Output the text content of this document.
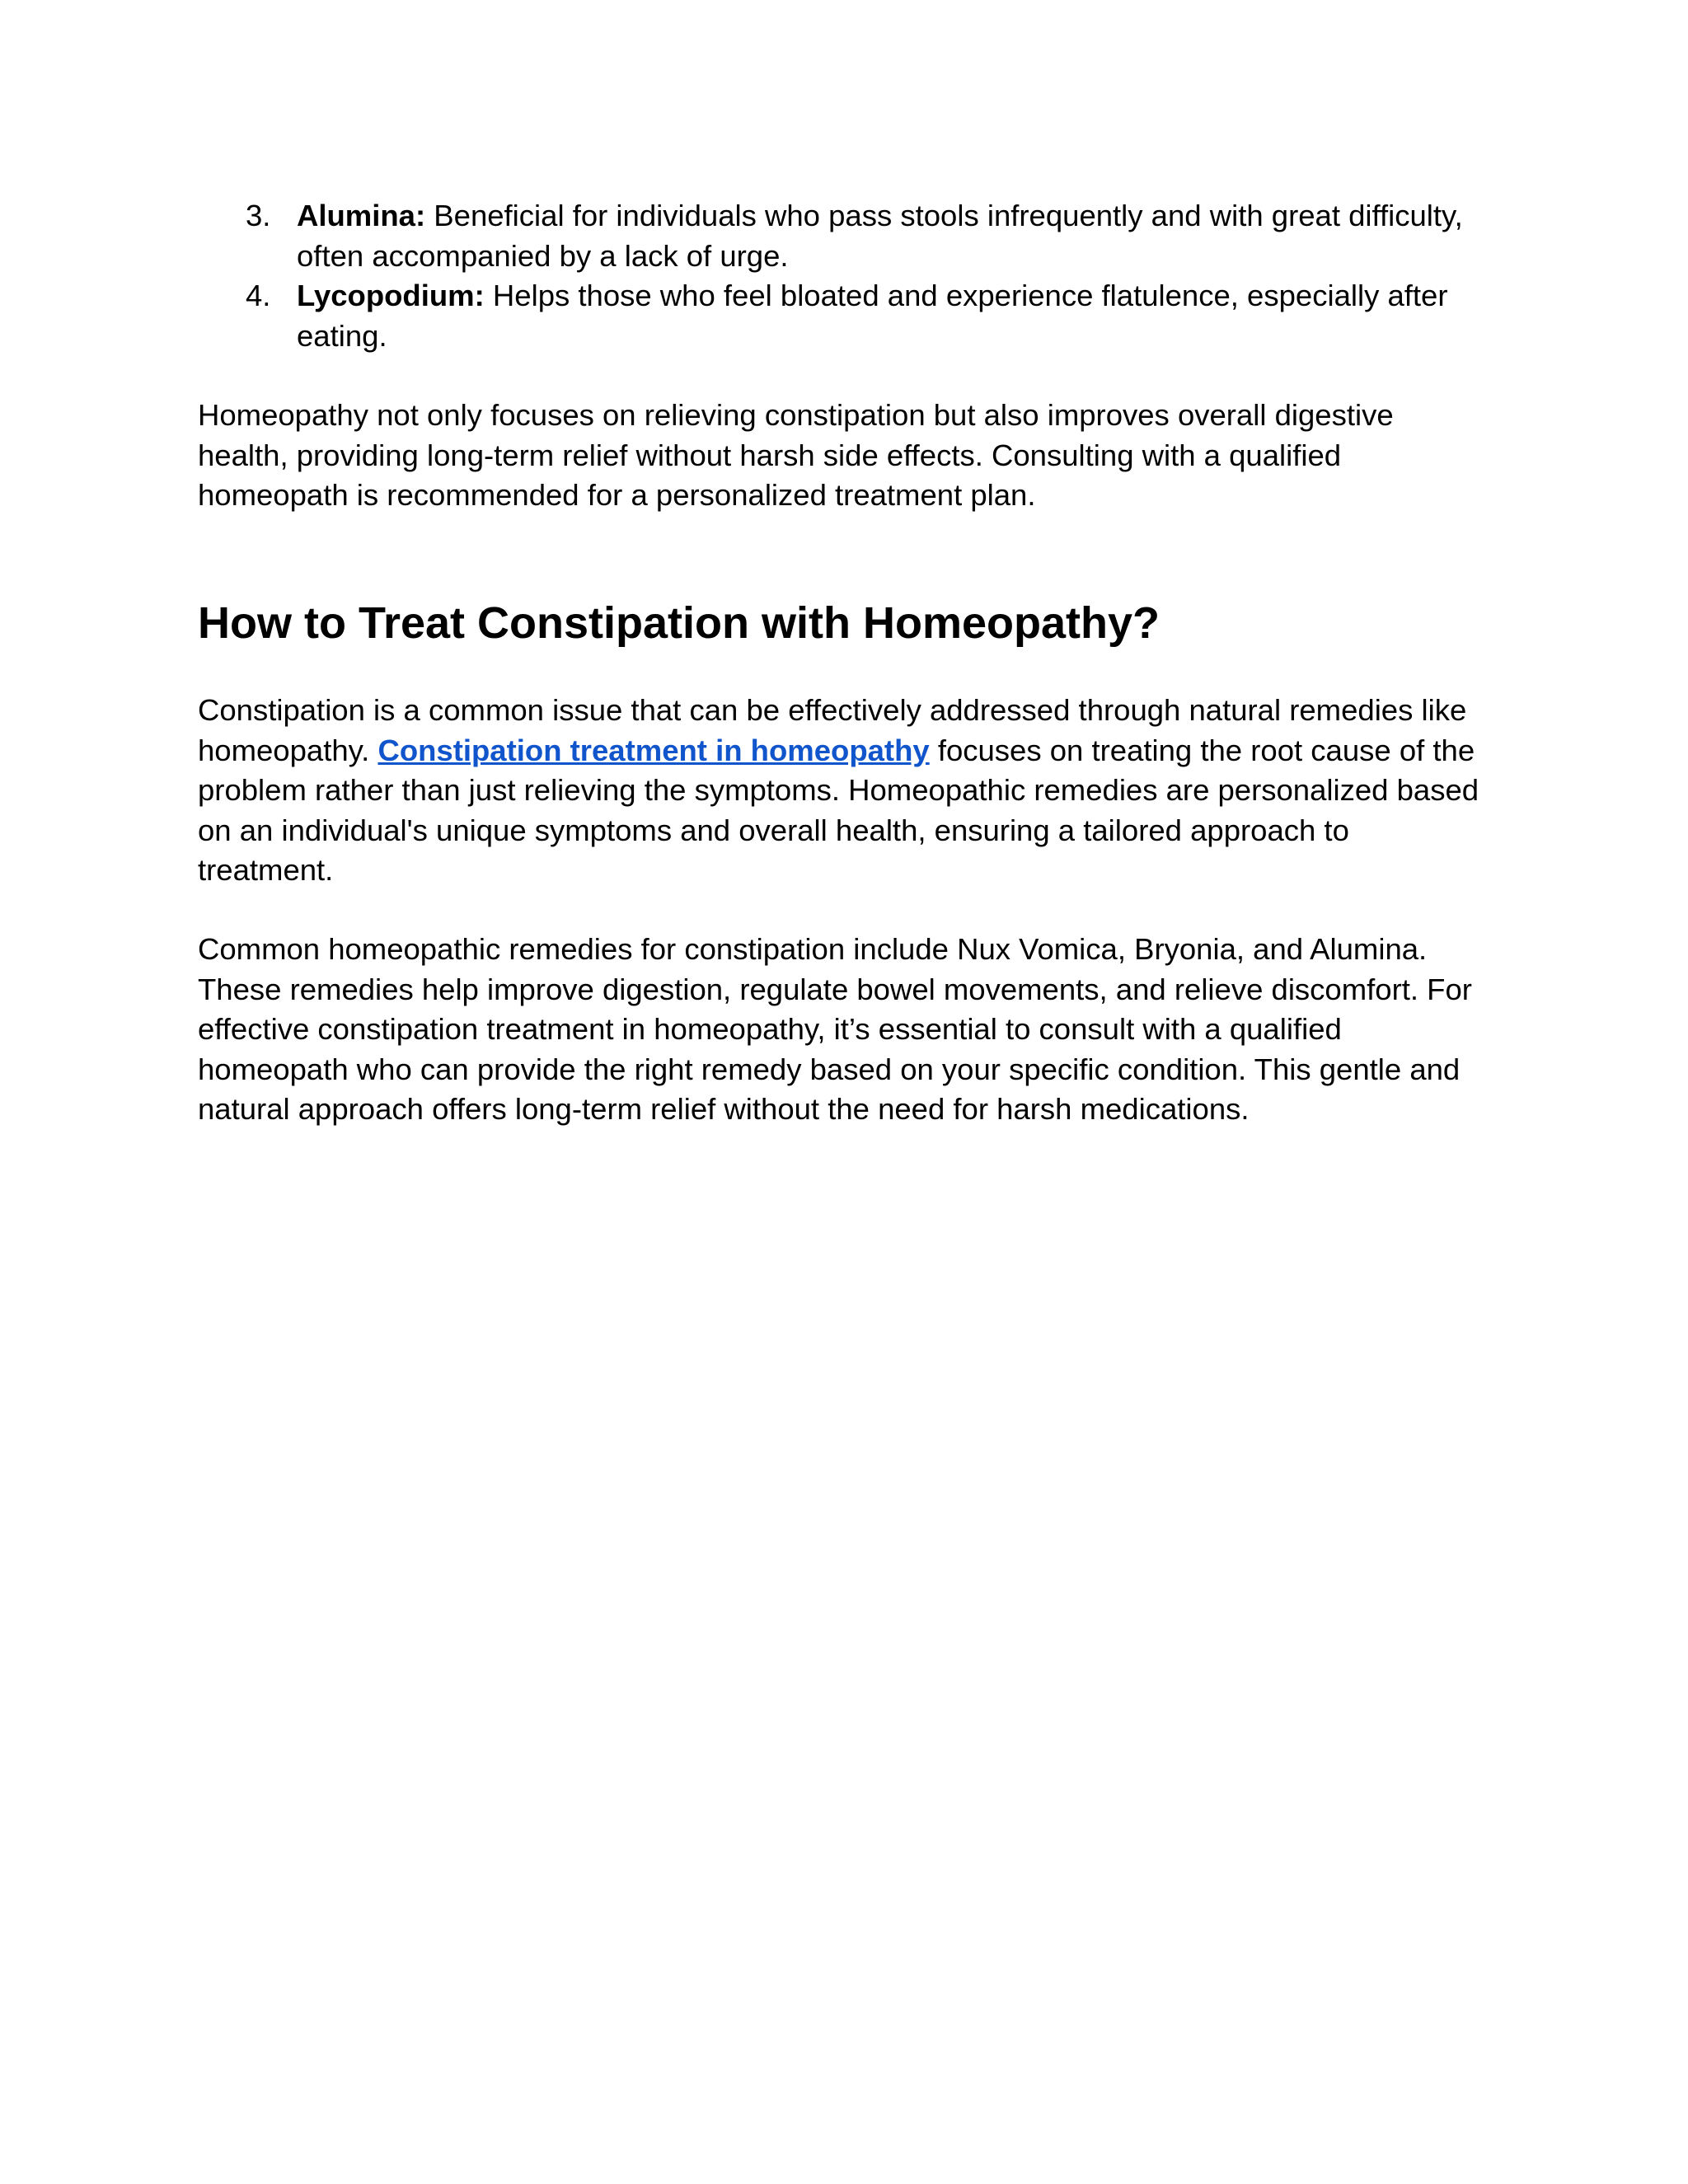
3. Alumina: Beneficial for individuals who pass stools infrequently and with great difficulty, often accompanied by a lack of urge.
4. Lycopodium: Helps those who feel bloated and experience flatulence, especially after eating.

Homeopathy not only focuses on relieving constipation but also improves overall digestive health, providing long-term relief without harsh side effects. Consulting with a qualified homeopath is recommended for a personalized treatment plan.

How to Treat Constipation with Homeopathy?

Constipation is a common issue that can be effectively addressed through natural remedies like homeopathy. Constipation treatment in homeopathy focuses on treating the root cause of the problem rather than just relieving the symptoms. Homeopathic remedies are personalized based on an individual's unique symptoms and overall health, ensuring a tailored approach to treatment.

Common homeopathic remedies for constipation include Nux Vomica, Bryonia, and Alumina. These remedies help improve digestion, regulate bowel movements, and relieve discomfort. For effective constipation treatment in homeopathy, it’s essential to consult with a qualified homeopath who can provide the right remedy based on your specific condition. This gentle and natural approach offers long-term relief without the need for harsh medications.
